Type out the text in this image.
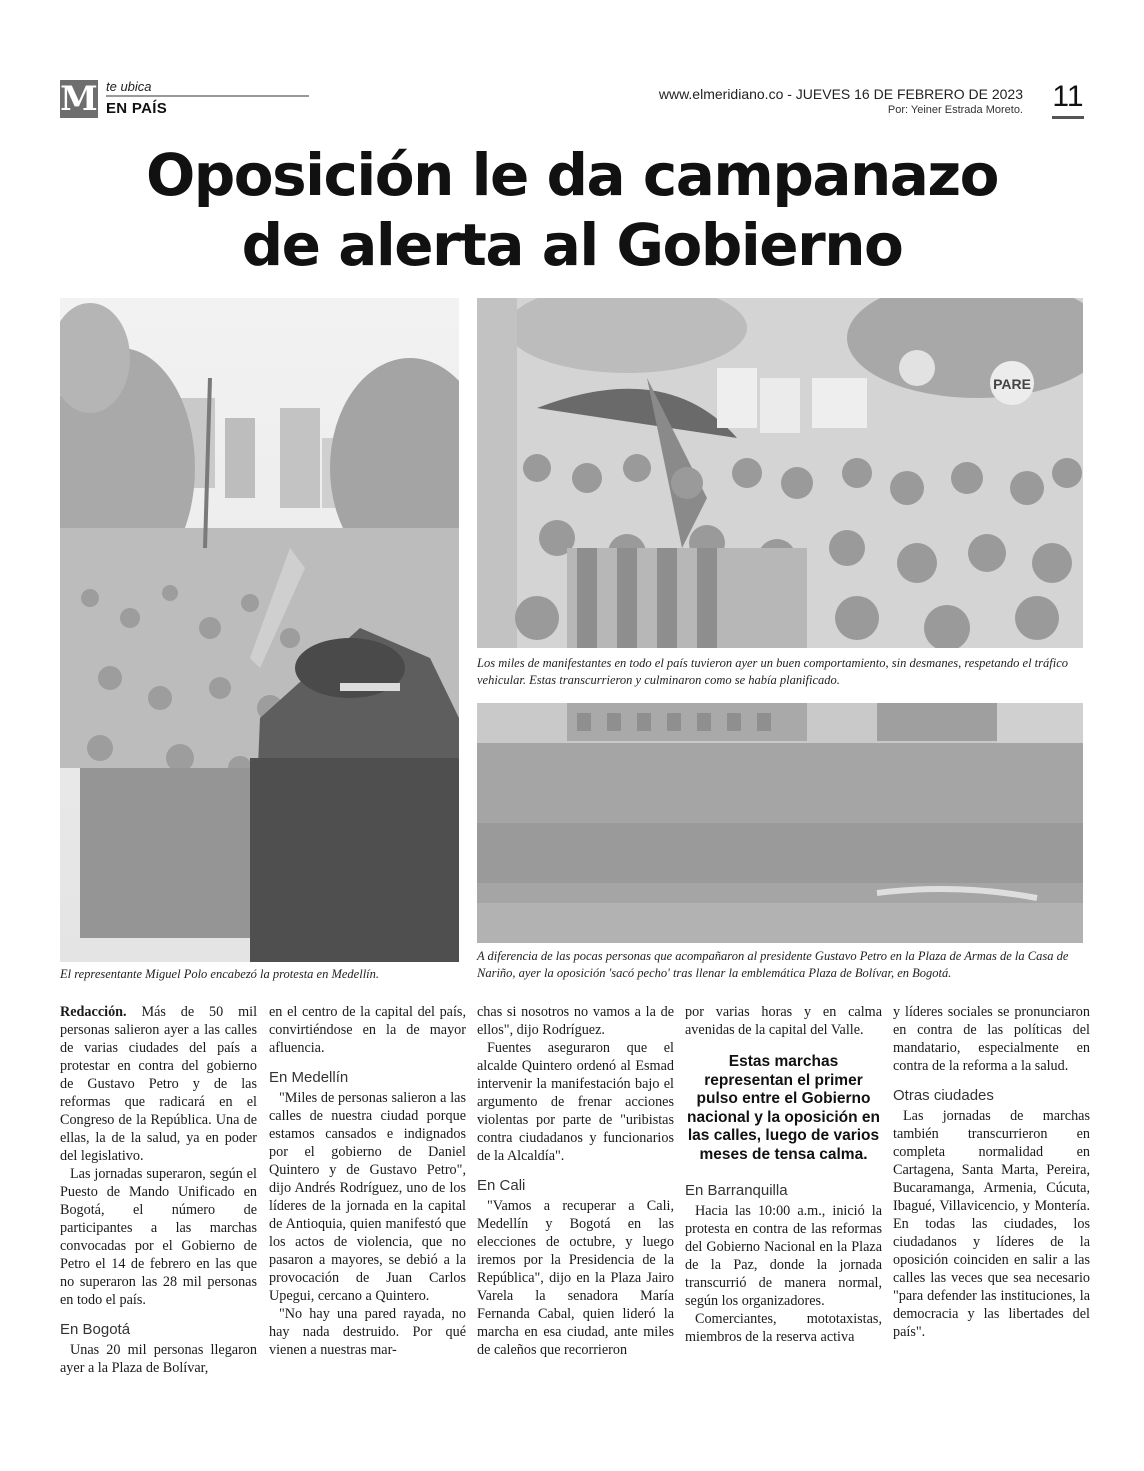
M te ubica
EN PAÍS
www.elmeridiano.co - JUEVES 16 DE FEBRERO DE 2023
Por: Yeiner Estrada Moreto. 11
Oposición le da campanazo
de alerta al Gobierno
PARE
Los miles de manifestantes en todo el país tuvieron ayer un buen comportamiento, sin desmanes, respetando el tráfico vehicular. Estas transcurrieron y culminaron como se había planificado.
A diferencia de las pocas personas que acompañaron al presidente Gustavo Petro en la Plaza de Armas de la Casa de Nariño, ayer la oposición 'sacó pecho' tras llenar la emblemática Plaza de Bolívar, en Bogotá.
El representante Miguel Polo encabezó la protesta en Medellín.

Redacción. Más de 50 mil personas salieron ayer a las calles de varias ciudades del país a protestar en contra del gobierno de Gustavo Petro y de las reformas que radicará en el Congreso de la República. Una de ellas, la de la salud, ya en poder del legislativo.

Las jornadas superaron, según el Puesto de Mando Unificado en Bogotá, el número de participantes a las marchas convocadas por el Gobierno de Petro el 14 de febrero en las que no superaron las 28 mil personas en todo el país.

En Bogotá

Unas 20 mil personas llegaron ayer a la Plaza de Bolívar,

en el centro de la capital del país, convirtiéndose en la de mayor afluencia.

En Medellín

"Miles de personas salieron a las calles de nuestra ciudad porque estamos cansados e indignados por el gobierno de Daniel Quintero y de Gustavo Petro", dijo Andrés Rodríguez, uno de los líderes de la jornada en la capital de Antioquia, quien manifestó que los actos de violencia, que no pasaron a mayores, se debió a la provocación de Juan Carlos Upegui, cercano a Quintero.

"No hay una pared rayada, no hay nada destruido. Por qué vienen a nuestras mar-

chas si nosotros no vamos a la de ellos", dijo Rodríguez.

Fuentes aseguraron que el alcalde Quintero ordenó al Esmad intervenir la manifestación bajo el argumento de frenar acciones violentas por parte de "uribistas contra ciudadanos y funcionarios de la Alcaldía".

En Cali

"Vamos a recuperar a Cali, Medellín y Bogotá en las elecciones de octubre, y luego iremos por la Presidencia de la República", dijo en la Plaza Jairo Varela la senadora María Fernanda Cabal, quien lideró la marcha en esa ciudad, ante miles de caleños que recorrieron

por varias horas y en calma avenidas de la capital del Valle.

Estas marchas representan el primer pulso entre el Gobierno nacional y la oposición en las calles, luego de varios meses de tensa calma.
En Barranquilla

Hacia las 10:00 a.m., inició la protesta en contra de las reformas del Gobierno Nacional en la Plaza de la Paz, donde la jornada transcurrió de manera normal, según los organizadores.

Comerciantes, mototaxistas, miembros de la reserva activa

y líderes sociales se pronunciaron en contra de las políticas del mandatario, especialmente en contra de la reforma a la salud.

Otras ciudades

Las jornadas de marchas también transcurrieron en completa normalidad en Cartagena, Santa Marta, Pereira, Bucaramanga, Armenia, Cúcuta, Ibagué, Villavicencio, y Montería. En todas las ciudades, los ciudadanos y líderes de la oposición coinciden en salir a las calles las veces que sea necesario "para defender las instituciones, la democracia y las libertades del país".
